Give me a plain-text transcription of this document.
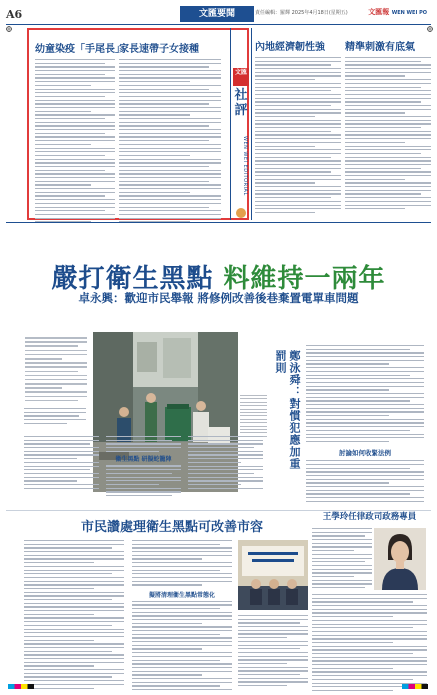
A6	文匯要聞	責任編輯：羅輝 2025年4月18日(星期五)	文匯報 WEN WEI PO
幼童染疫「手尾長」
家長速帶子女接種
文匯
社評
WEN WEI EDITORIAL
內地經濟韌性強	精準刺激有底氣
嚴打衛生黑點 料維持一兩年
卓永興：歡迎市民舉報 將修例改善後巷棄置電單車問題
鄭泳舜：對慣犯應加重罰則
討論如何收緊法例
衞生黑點 研擬蛇籠陣
市民讚處理衛生黑點可改善市容
擬將清理衞生黑點常態化
王學玲任律政司政務專員
